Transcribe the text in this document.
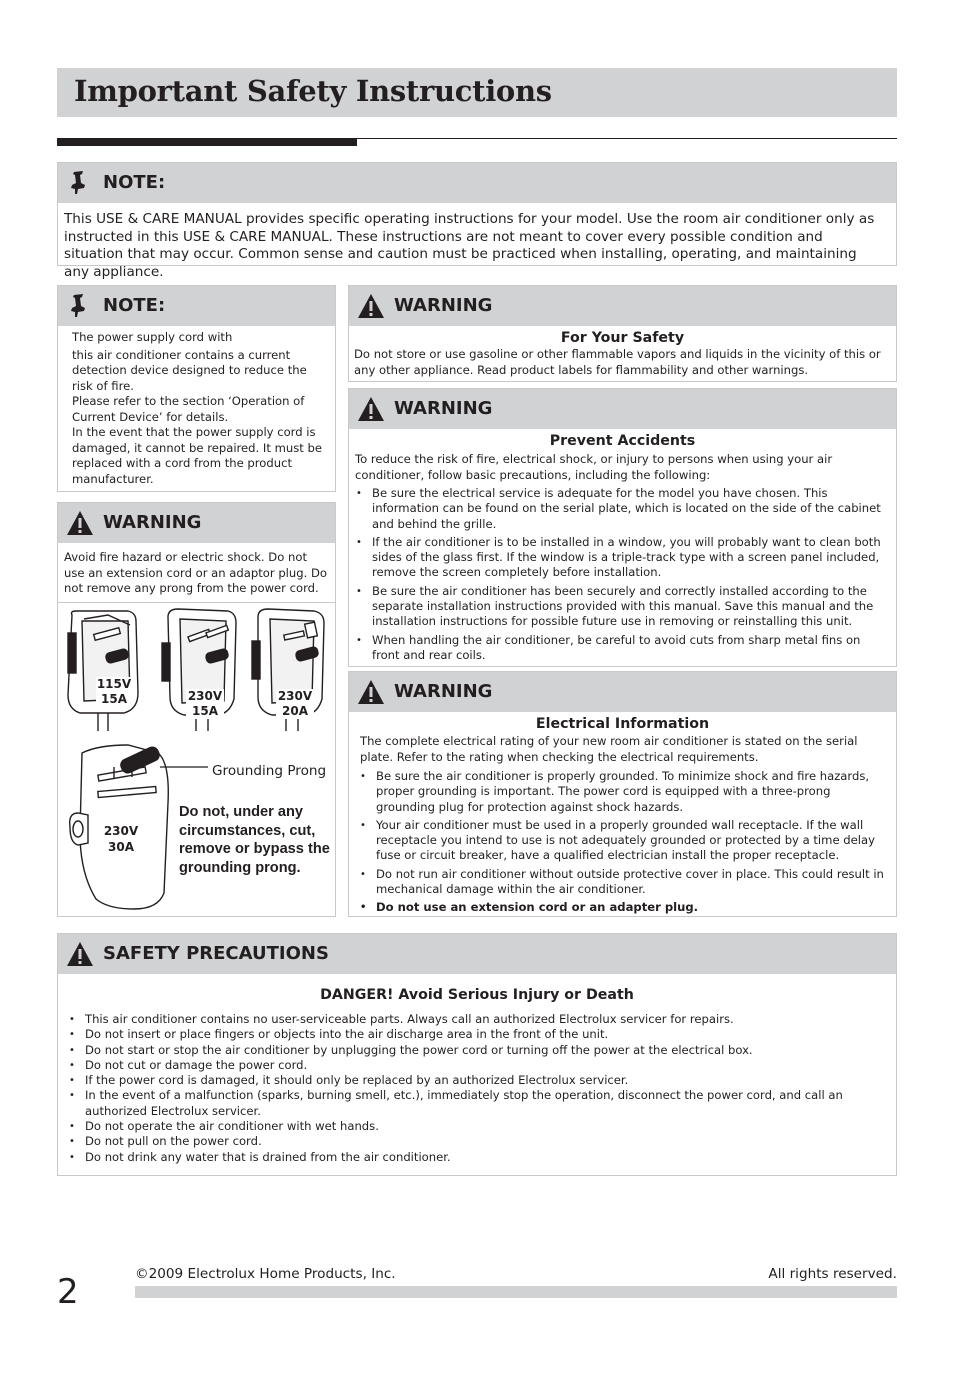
Important Safety Instructions
NOTE:
This USE & CARE MANUAL provides specific operating instructions for your model. Use the room air conditioner only as instructed in this USE & CARE MANUAL. These instructions are not meant to cover every possible condition and situation that may occur. Common sense and caution must be practiced when installing, operating, and maintaining any appliance.
NOTE:
The power supply cord with
this air conditioner contains a current detection device designed to reduce the risk of fire.
Please refer to the section ‘Operation of Current Device’ for details.
In the event that the power supply cord is damaged, it cannot be repaired. It must be replaced with a cord from the product manufacturer.
WARNING
Avoid fire hazard or electric shock. Do not use an extension cord or an adaptor plug. Do not remove any prong from the power cord.
115V
15A	230V
15A
230V
20A
230V
30A
Grounding Prong
Do not, under any
circumstances, cut,
remove or bypass the
grounding prong.
WARNING
For Your Safety
Do not store or use gasoline or other flammable vapors and liquids in the vicinity of this or any other appliance. Read product labels for flammability and other warnings.
WARNING
Prevent Accidents
To reduce the risk of fire, electrical shock, or injury to persons when using your air conditioner, follow basic precautions, including the following:
• Be sure the electrical service is adequate for the model you have chosen. This information can be found on the serial plate, which is located on the side of the cabinet and behind the grille.
• If the air conditioner is to be installed in a window, you will probably want to clean both sides of the glass first. If the window is a triple-track type with a screen panel included, remove the screen completely before installation.
• Be sure the air conditioner has been securely and correctly installed according to the separate installation instructions provided with this manual. Save this manual and the installation instructions for possible future use in removing or reinstalling this unit.
• When handling the air conditioner, be careful to avoid cuts from sharp metal fins on front and rear coils.
WARNING
Electrical Information
The complete electrical rating of your new room air conditioner is stated on the serial plate. Refer to the rating when checking the electrical requirements.
• Be sure the air conditioner is properly grounded. To minimize shock and fire hazards, proper grounding is important. The power cord is equipped with a three-prong grounding plug for protection against shock hazards.
• Your air conditioner must be used in a properly grounded wall receptacle. If the wall receptacle you intend to use is not adequately grounded or protected by a time delay fuse or circuit breaker, have a qualified electrician install the proper receptacle.
• Do not run air conditioner without outside protective cover in place. This could result in mechanical damage within the air conditioner.
• Do not use an extension cord or an adapter plug.
SAFETY PRECAUTIONS
DANGER! Avoid Serious Injury or Death
• This air conditioner contains no user-serviceable parts. Always call an authorized Electrolux servicer for repairs.
• Do not insert or place fingers or objects into the air discharge area in the front of the unit.
• Do not start or stop the air conditioner by unplugging the power cord or turning off the power at the electrical box.
• Do not cut or damage the power cord.
• If the power cord is damaged, it should only be replaced by an authorized Electrolux servicer.
• In the event of a malfunction (sparks, burning smell, etc.), immediately stop the operation, disconnect the power cord, and call an authorized Electrolux servicer.
• Do not operate the air conditioner with wet hands.
• Do not pull on the power cord.
• Do not drink any water that is drained from the air conditioner.
2	©2009 Electrolux Home Products, Inc.	All rights reserved.
